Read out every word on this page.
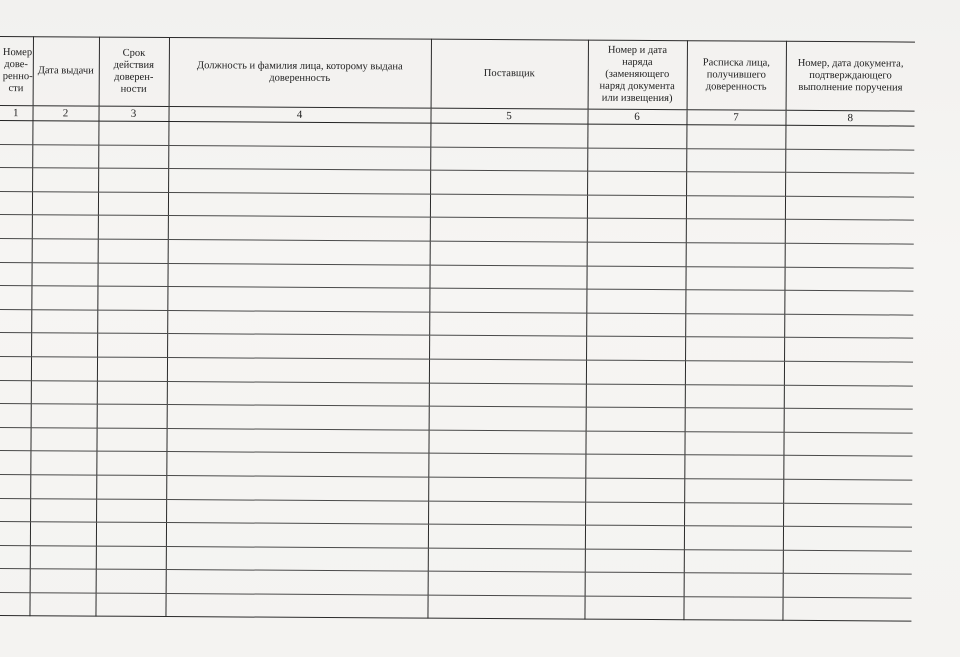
Номер дове-реннo-сти	Дата выдачи	Срок действия доверен-ности	Должность и фамилия лица, которому выдана доверенность	Поставщик	Номер и дата наряда (заменяющего наряд документа или извещения)	Расписка лица, получившего доверенность	Номер, дата документа, подтверждающего выполнение поручения

1	2	3	4	5	6	7	8
